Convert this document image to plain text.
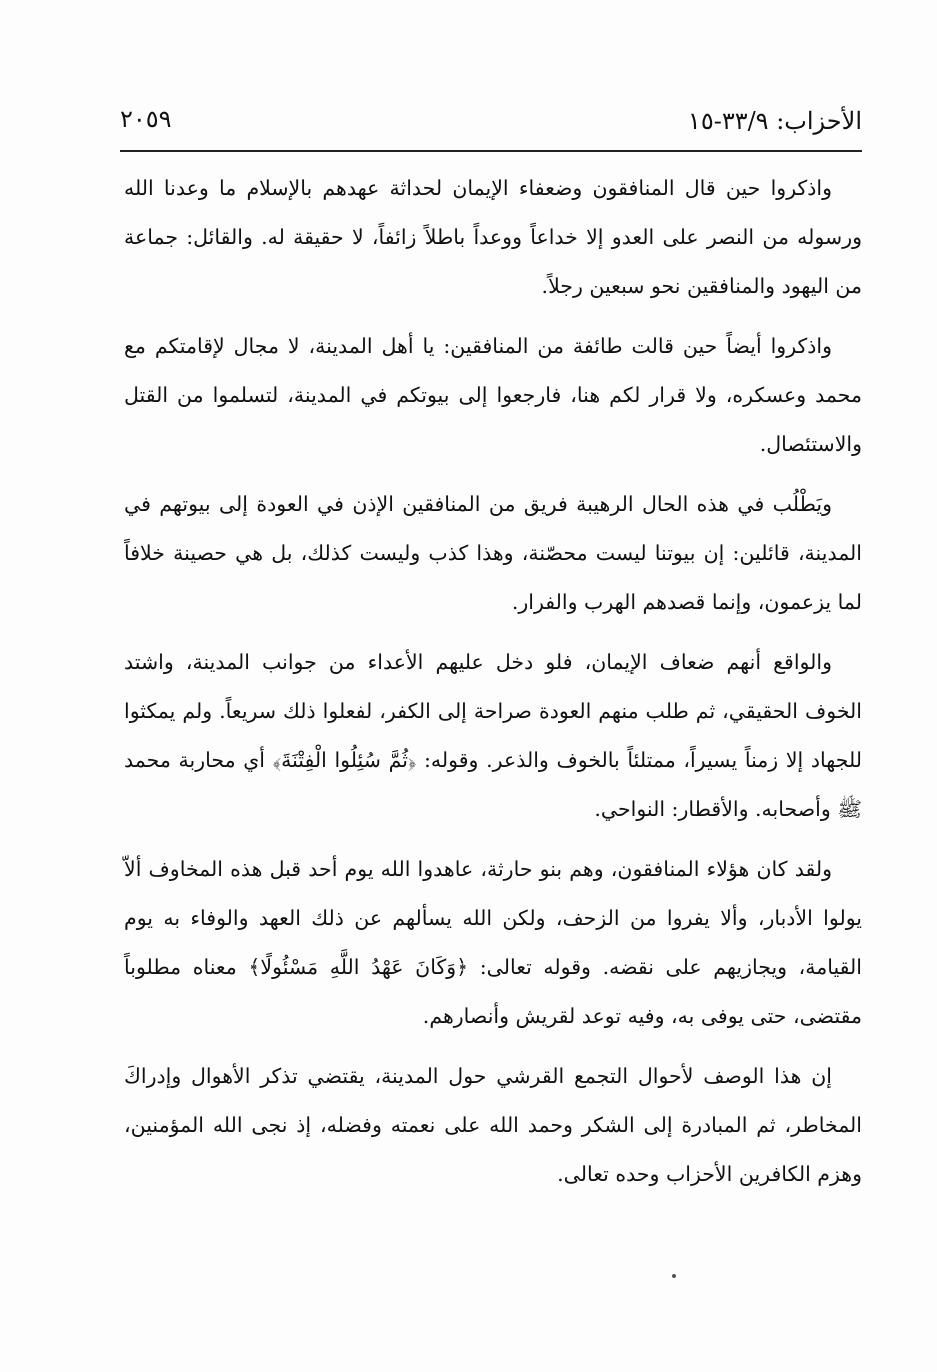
الأحزاب: ٣٣/٩-١٥
٢٠٥٩

واذكروا حين قال المنافقون وضعفاء الإيمان لحداثة عهدهم بالإسلام ما وعدنا الله ورسوله من النصر على العدو إلا خداعاً ووعداً باطلاً زائفاً، لا حقيقة له. والقائل: جماعة من اليهود والمنافقين نحو سبعين رجلاً.

واذكروا أيضاً حين قالت طائفة من المنافقين: يا أهل المدينة، لا مجال لإقامتكم مع محمد وعسكره، ولا قرار لكم هنا، فارجعوا إلى بيوتكم في المدينة، لتسلموا من القتل والاستئصال.

ويَطْلُب في هذه الحال الرهيبة فريق من المنافقين الإذن في العودة إلى بيوتهم في المدينة، قائلين: إن بيوتنا ليست محصّنة، وهذا كذب وليست كذلك، بل هي حصينة خلافاً لما يزعمون، وإنما قصدهم الهرب والفرار.

والواقع أنهم ضعاف الإيمان، فلو دخل عليهم الأعداء من جوانب المدينة، واشتد الخوف الحقيقي، ثم طلب منهم العودة صراحة إلى الكفر، لفعلوا ذلك سريعاً. ولم يمكثوا للجهاد إلا زمناً يسيراً، ممتلئاً بالخوف والذعر. وقوله: ﴿ثُمَّ سُئِلُوا الْفِتْنَةَ﴾ أي محاربة محمد ﷺ وأصحابه. والأقطار: النواحي.

ولقد كان هؤلاء المنافقون، وهم بنو حارثة، عاهدوا الله يوم أحد قبل هذه المخاوف ألاّ يولوا الأدبار، وألا يفروا من الزحف، ولكن الله يسألهم عن ذلك العهد والوفاء به يوم القيامة، ويجازيهم على نقضه. وقوله تعالى: ﴿وَكَانَ عَهْدُ اللَّهِ مَسْئُولًا﴾ معناه مطلوباً مقتضى، حتى يوفى به، وفيه توعد لقريش وأنصارهم.

إن هذا الوصف لأحوال التجمع القرشي حول المدينة، يقتضي تذكر الأهوال وإدراكَ المخاطر، ثم المبادرة إلى الشكر وحمد الله على نعمته وفضله، إذ نجى الله المؤمنين، وهزم الكافرين الأحزاب وحده تعالى.
